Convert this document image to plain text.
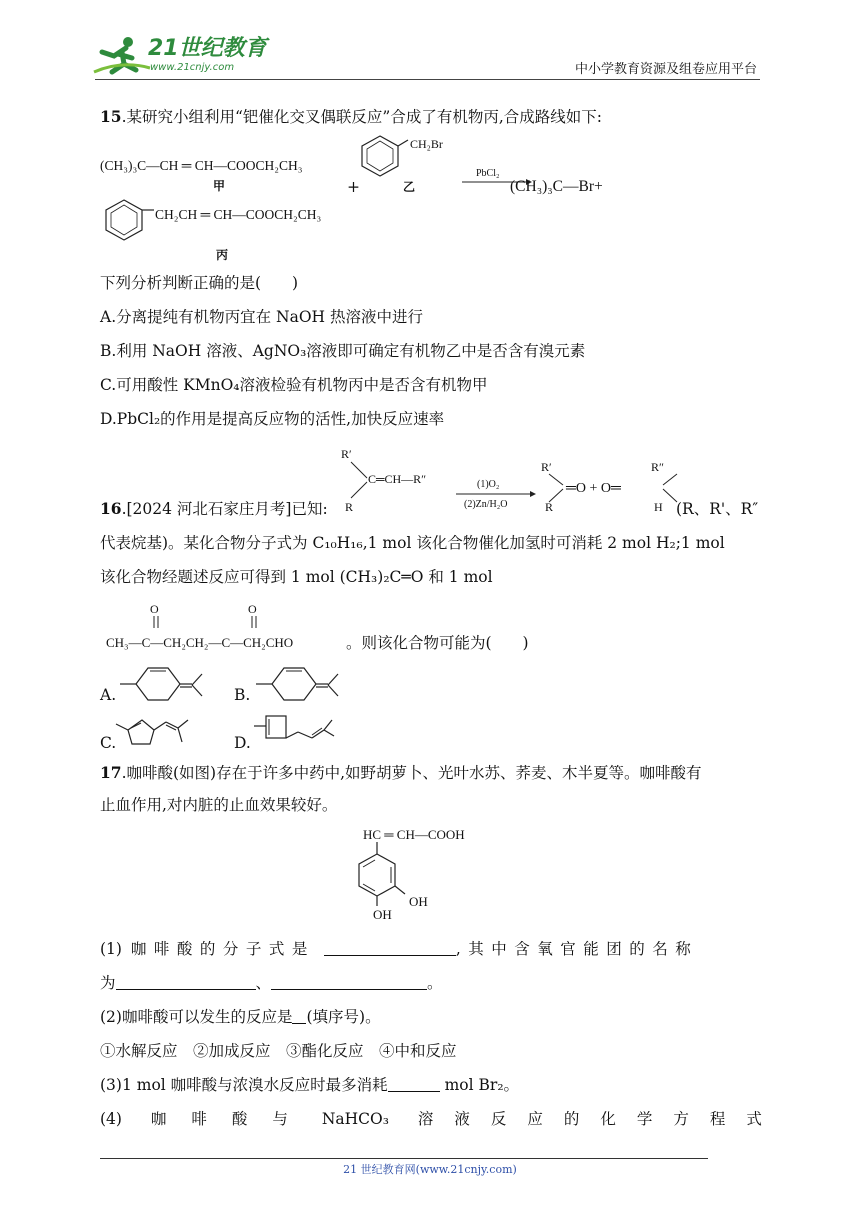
21世纪教育
www.21cnjy.com	中小学教育资源及组卷应用平台
15.某研究小组利用“钯催化交叉偶联反应”合成了有机物丙,合成路线如下:
(CH₃)₃C—CH ═ CH—COOCH₂CH₃
甲	+
CH₂Br
乙
PbCl₂
(CH₃)₃C—Br+
CH₂CH ═ CH—COOCH₂CH₃
丙
下列分析判断正确的是(　　)
A.分离提纯有机物丙宜在 NaOH 热溶液中进行
B.利用 NaOH 溶液、AgNO₃溶液即可确定有机物乙中是否含有溴元素
C.可用酸性 KMnO₄溶液检验有机物丙中是否含有机物甲
D.PbCl₂的作用是提高反应物的活性,加快反应速率
R′
C═CH—R″
R
(1)O₂
(2)Zn/H₂O
R′
═O + O═
R
R″
H
16.[2024 河北石家庄月考]已知:	(R、R'、R″
代表烷基)。某化合物分子式为 C₁₀H₁₆,1 mol 该化合物催化加氢时可消耗 2 mol H₂;1 mol
该化合物经题述反应可得到 1 mol (CH₃)₂C═O 和 1 mol
O	O
CH₃—C—CH₂CH₂—C—CH₂CHO	。则该化合物可能为(　　)
A.	B.
C.	D.
17.咖啡酸(如图)存在于许多中药中,如野胡萝卜、光叶水苏、荞麦、木半夏等。咖啡酸有
止血作用,对内脏的止血效果较好。
HC ═ CH—COOH
OH
OH
(1) 咖啡酸的分子式是	,其中含氧官能团的名称
为	、	。
(2)咖啡酸可以发生的反应是 (填序号)。
①水解反应　②加成反应　③酯化反应　④中和反应
(3)1 mol 咖啡酸与浓溴水反应时最多消耗	mol Br₂。
(4) 咖啡酸与 NaHCO₃ 溶液反应的化学方程式
21 世纪教育网(www.21cnjy.com)
